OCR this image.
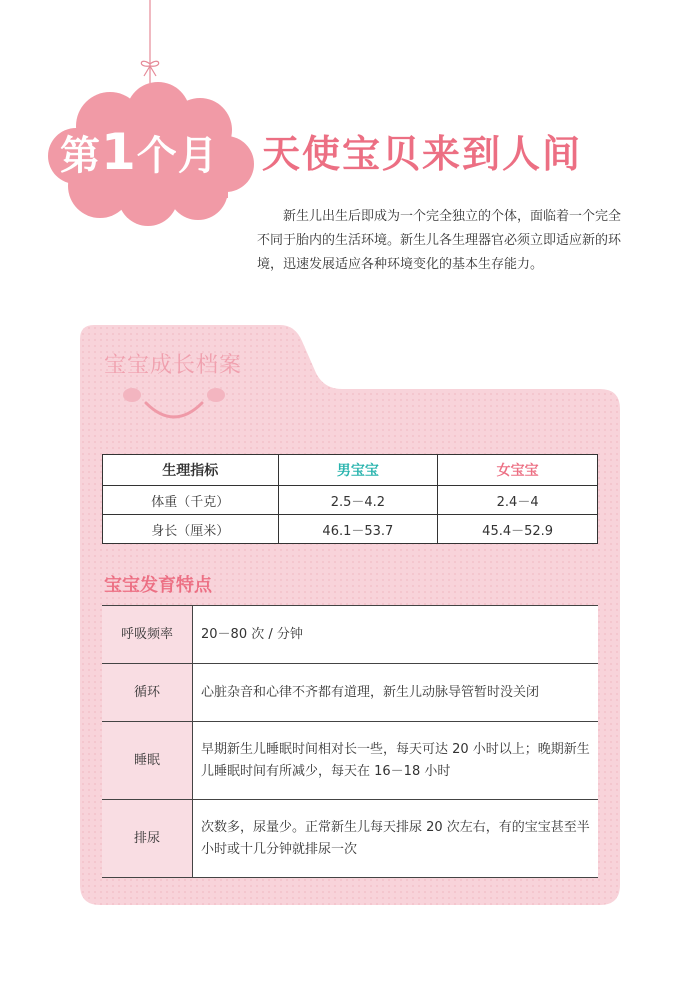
第1个月	天使宝贝来到人间
新生儿出生后即成为一个完全独立的个体，面临着一个完全不同于胎内的生活环境。新生儿各生理器官必须立即适应新的环境，迅速发展适应各种环境变化的基本生存能力。
宝宝成长档案
生理指标	男宝宝	女宝宝
体重（千克）	2.5－4.2	2.4－4
身长（厘米）	46.1－53.7	45.4－52.9
宝宝发育特点
呼吸频率	20－80 次 / 分钟
循环	心脏杂音和心律不齐都有道理，新生儿动脉导管暂时没关闭
睡眠	早期新生儿睡眠时间相对长一些，每天可达 20 小时以上；晚期新生儿睡眠时间有所减少，每天在 16－18 小时
排尿	次数多，尿量少。正常新生儿每天排尿 20 次左右，有的宝宝甚至半小时或十几分钟就排尿一次
